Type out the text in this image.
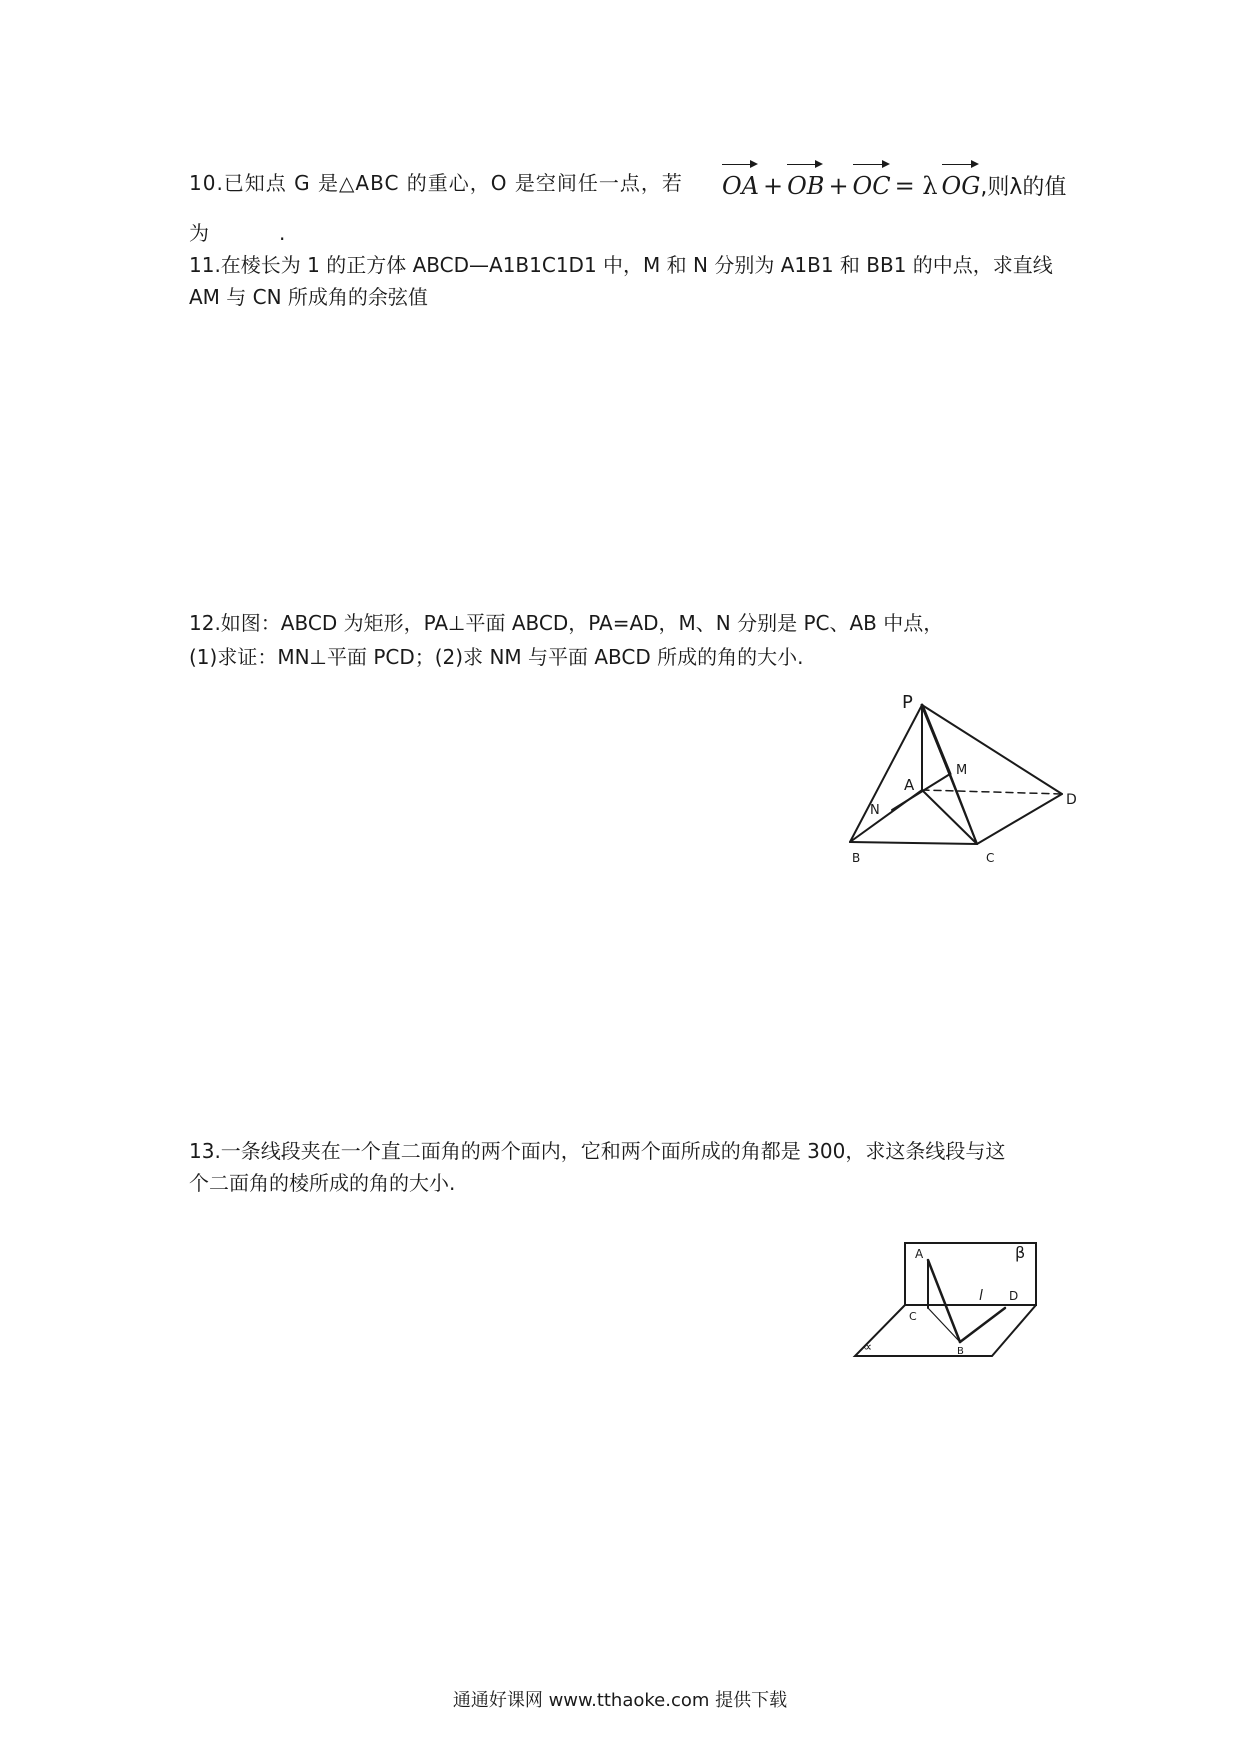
10.已知点 G 是△ABC 的重心，O 是空间任一点，若 OA + OB + OC = λ OG,则λ的值
为	.
11.在棱长为 1 的正方体 ABCD—A1B1C1D1 中，M 和 N 分别为 A1B1 和 BB1 的中点，求直线
AM 与 CN 所成角的余弦值
12.如图：ABCD 为矩形，PA⊥平面 ABCD，PA=AD，M、N 分别是 PC、AB 中点，
(1)求证：MN⊥平面 PCD；(2)求 NM 与平面 ABCD 所成的角的大小.
P
A
M
N
D
B	C
13.一条线段夹在一个直二面角的两个面内，它和两个面所成的角都是 300，求这条线段与这
个二面角的棱所成的角的大小.
A
C
B
D
l
β
∝
通通好课网 www.tthaoke.com 提供下载
